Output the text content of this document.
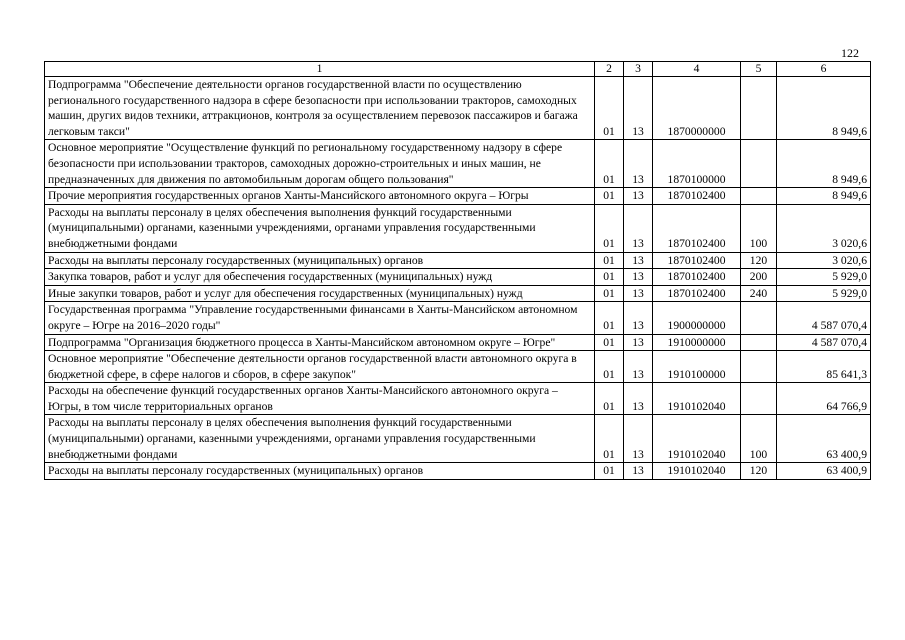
122
1	2	3	4	5	6
Подпрограмма "Обеспечение деятельности органов государственной власти по осуществлению регионального государственного надзора в сфере безопасности при использовании тракторов, самоходных машин, других видов техники, аттракционов, контроля за осуществлением перевозок пассажиров и багажа легковым такси"	01	13	1870000000		8 949,6
Основное мероприятие "Осуществление функций по региональному государственному надзору в сфере безопасности при использовании тракторов, самоходных дорожно-строительных и иных машин, не предназначенных для движения по автомобильным дорогам общего пользования"	01	13	1870100000		8 949,6
Прочие мероприятия государственных органов Ханты-Мансийского автономного округа – Югры	01	13	1870102400		8 949,6
Расходы на выплаты персоналу в целях обеспечения выполнения функций государственными (муниципальными) органами, казенными учреждениями, органами управления государственными внебюджетными фондами	01	13	1870102400	100	3 020,6
Расходы на выплаты персоналу государственных (муниципальных) органов	01	13	1870102400	120	3 020,6
Закупка товаров, работ и услуг для обеспечения государственных (муниципальных) нужд	01	13	1870102400	200	5 929,0
Иные закупки товаров, работ и услуг для обеспечения государственных (муниципальных) нужд	01	13	1870102400	240	5 929,0
Государственная программа "Управление государственными финансами в Ханты-Мансийском автономном округе – Югре на 2016–2020 годы"	01	13	1900000000		4 587 070,4
Подпрограмма "Организация бюджетного процесса в Ханты-Мансийском автономном округе – Югре"	01	13	1910000000		4 587 070,4
Основное мероприятие "Обеспечение деятельности органов государственной власти автономного округа в бюджетной сфере, в сфере налогов и сборов, в сфере закупок"	01	13	1910100000		85 641,3
Расходы на обеспечение функций государственных органов Ханты-Мансийского автономного округа – Югры, в том числе территориальных органов	01	13	1910102040		64 766,9
Расходы на выплаты персоналу в целях обеспечения выполнения функций государственными (муниципальными) органами, казенными учреждениями, органами управления государственными внебюджетными фондами	01	13	1910102040	100	63 400,9
Расходы на выплаты персоналу государственных (муниципальных) органов	01	13	1910102040	120	63 400,9
